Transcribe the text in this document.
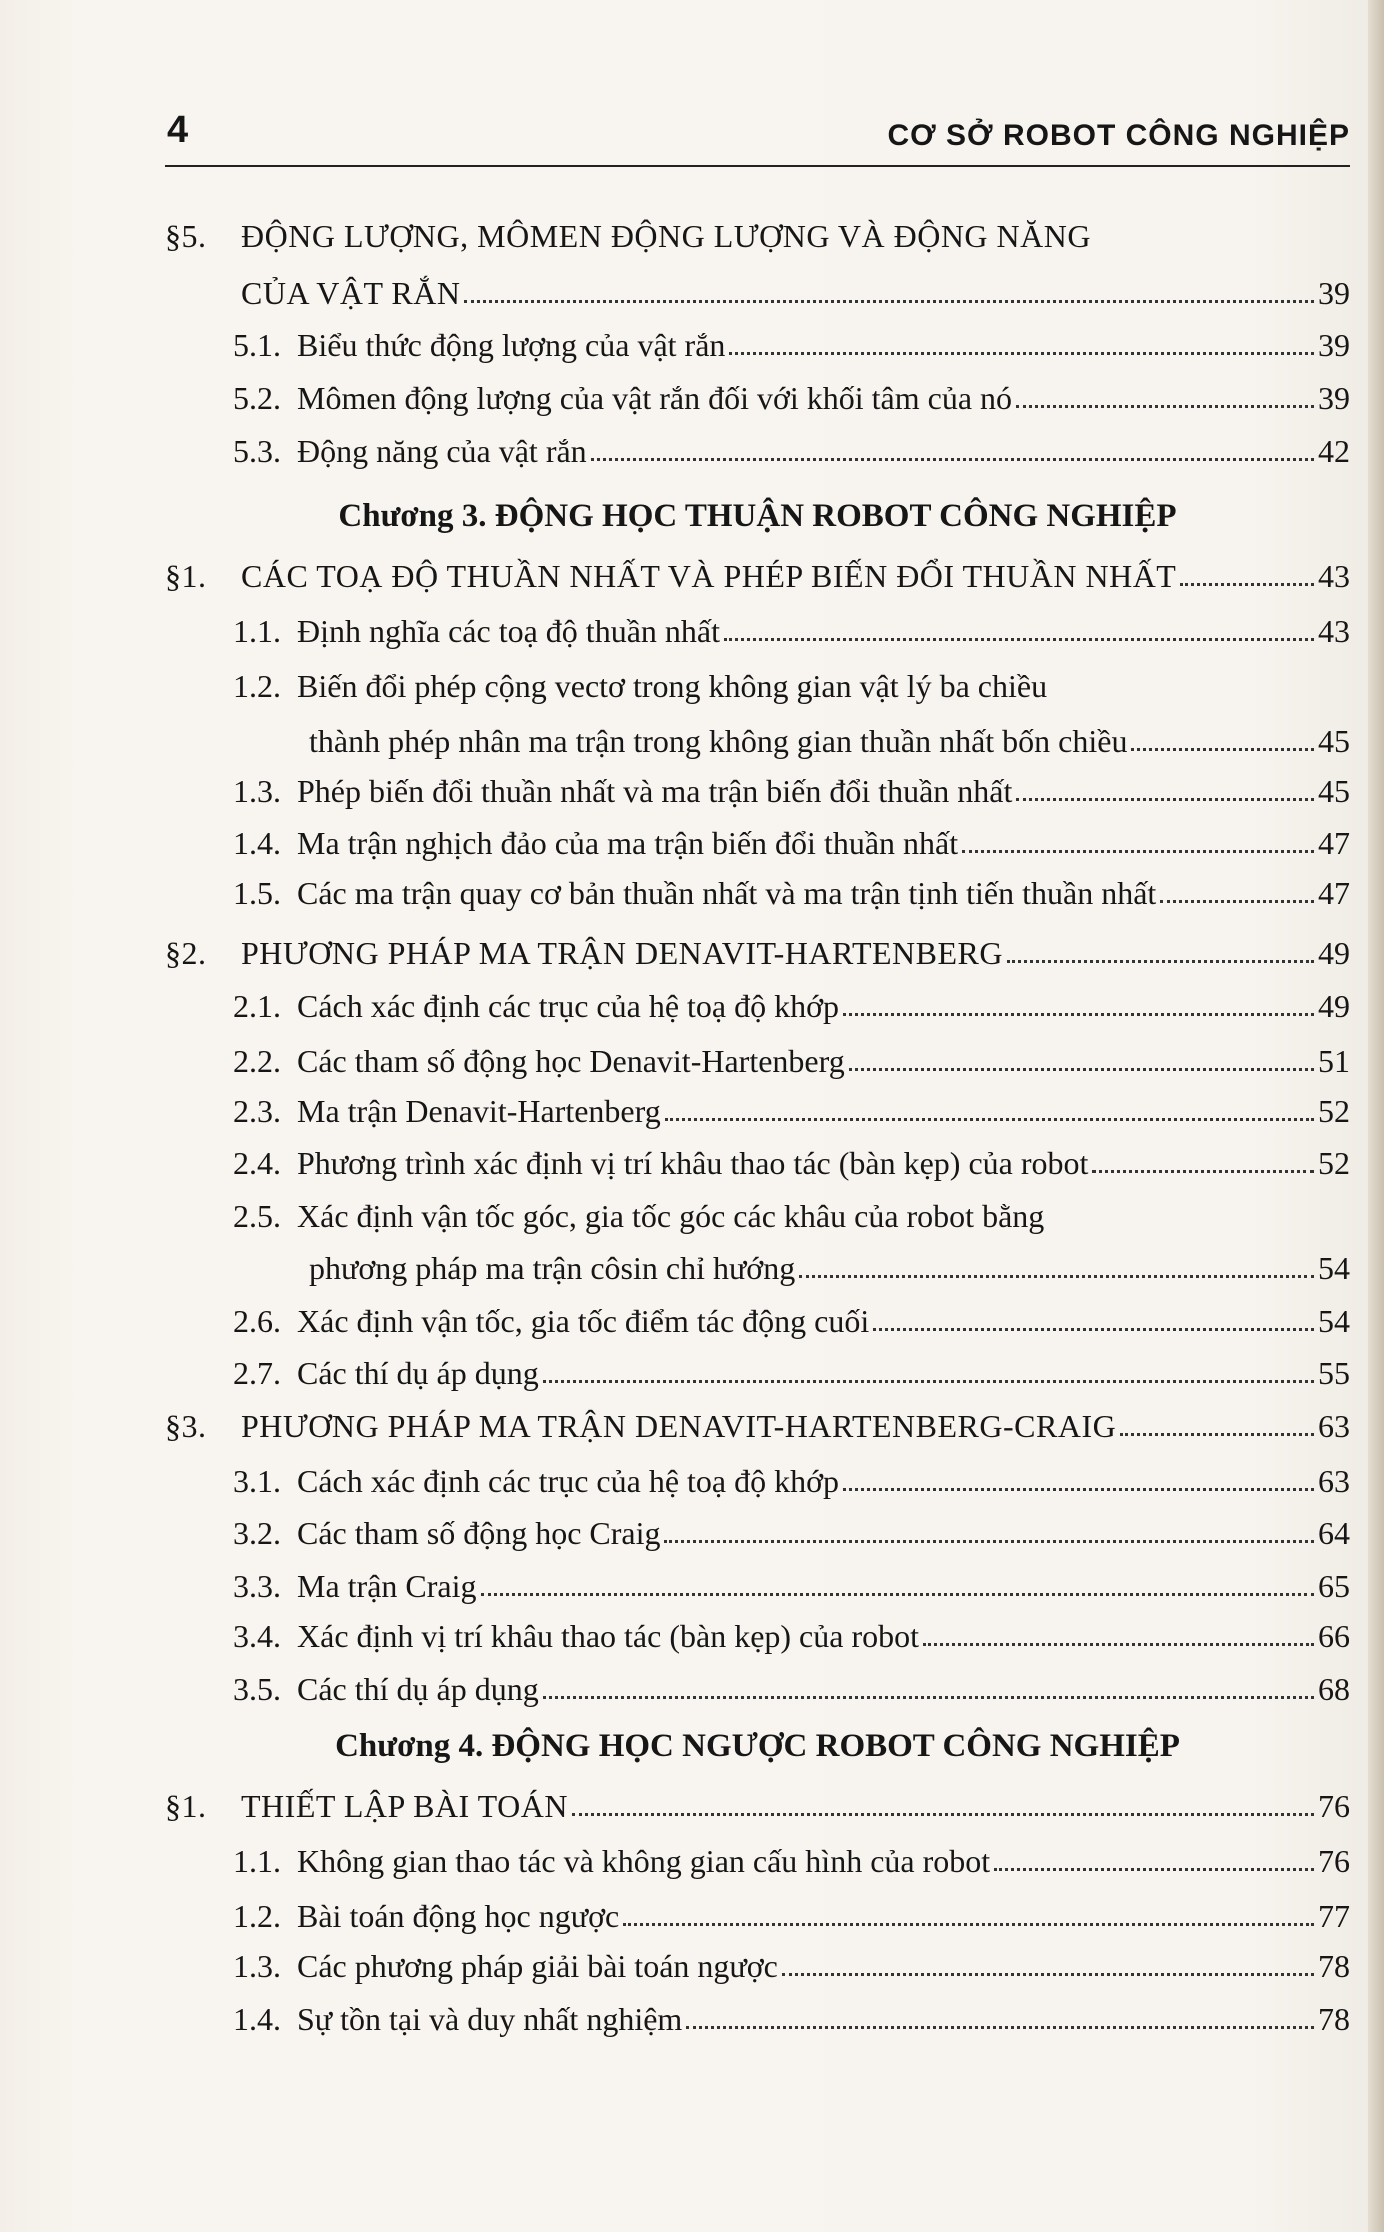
4	CƠ SỞ ROBOT CÔNG NGHIỆP
§5.	ĐỘNG LƯỢNG, MÔMEN ĐỘNG LƯỢNG VÀ ĐỘNG NĂNG
CỦA VẬT RẮN	39
5.1. Biểu thức động lượng của vật rắn	39
5.2. Mômen động lượng của vật rắn đối với khối tâm của nó	39
5.3. Động năng của vật rắn	42
Chương 3. ĐỘNG HỌC THUẬN ROBOT CÔNG NGHIỆP
§1.	CÁC TOẠ ĐỘ THUẦN NHẤT VÀ PHÉP BIẾN ĐỔI THUẦN NHẤT	43
1.1. Định nghĩa các toạ độ thuần nhất	43
1.2. Biến đổi phép cộng vectơ trong không gian vật lý ba chiều
thành phép nhân ma trận trong không gian thuần nhất bốn chiều	45
1.3. Phép biến đổi thuần nhất và ma trận biến đổi thuần nhất	45
1.4. Ma trận nghịch đảo của ma trận biến đổi thuần nhất	47
1.5. Các ma trận quay cơ bản thuần nhất và ma trận tịnh tiến thuần nhất	47
§2.	PHƯƠNG PHÁP MA TRẬN DENAVIT-HARTENBERG	49
2.1. Cách xác định các trục của hệ toạ độ khớp	49
2.2. Các tham số động học Denavit-Hartenberg	51
2.3. Ma trận Denavit-Hartenberg	52
2.4. Phương trình xác định vị trí khâu thao tác (bàn kẹp) của robot	52
2.5. Xác định vận tốc góc, gia tốc góc các khâu của robot bằng
phương pháp ma trận côsin chỉ hướng	54
2.6. Xác định vận tốc, gia tốc điểm tác động cuối	54
2.7. Các thí dụ áp dụng	55
§3.	PHƯƠNG PHÁP MA TRẬN DENAVIT-HARTENBERG-CRAIG	63
3.1. Cách xác định các trục của hệ toạ độ khớp	63
3.2. Các tham số động học Craig	64
3.3. Ma trận Craig	65
3.4. Xác định vị trí khâu thao tác (bàn kẹp) của robot	66
3.5. Các thí dụ áp dụng	68
Chương 4. ĐỘNG HỌC NGƯỢC ROBOT CÔNG NGHIỆP
§1.	THIẾT LẬP BÀI TOÁN	76
1.1. Không gian thao tác và không gian cấu hình của robot	76
1.2. Bài toán động học ngược	77
1.3. Các phương pháp giải bài toán ngược	78
1.4. Sự tồn tại và duy nhất nghiệm	78
